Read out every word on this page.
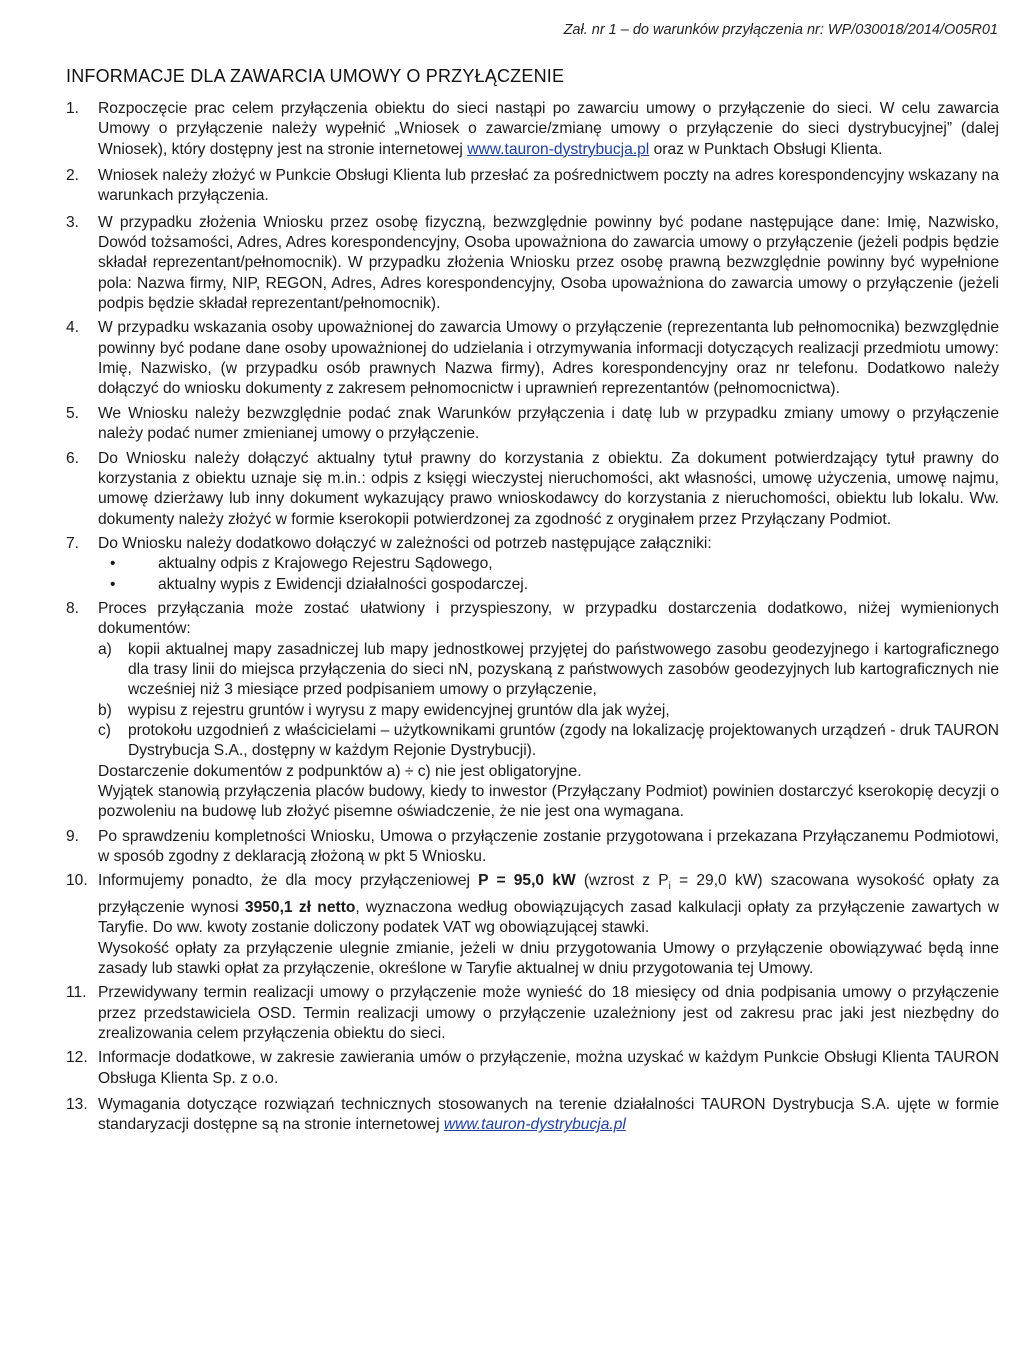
Zał. nr 1 – do warunków przyłączenia nr: WP/030018/2014/O05R01
INFORMACJE DLA ZAWARCIA UMOWY O PRZYŁĄCZENIE
1. Rozpoczęcie prac celem przyłączenia obiektu do sieci nastąpi po zawarciu umowy o przyłączenie do sieci. W celu zawarcia Umowy o przyłączenie należy wypełnić „Wniosek o zawarcie/zmianę umowy o przyłączenie do sieci dystrybucyjnej” (dalej Wniosek), który dostępny jest na stronie internetowej www.tauron-dystrybucja.pl oraz w Punktach Obsługi Klienta.

2. Wniosek należy złożyć w Punkcie Obsługi Klienta lub przesłać za pośrednictwem poczty na adres korespondencyjny wskazany na warunkach przyłączenia.

3. W przypadku złożenia Wniosku przez osobę fizyczną, bezwzględnie powinny być podane następujące dane: Imię, Nazwisko, Dowód tożsamości, Adres, Adres korespondencyjny, Osoba upoważniona do zawarcia umowy o przyłączenie (jeżeli podpis będzie składał reprezentant/pełnomocnik). W przypadku złożenia Wniosku przez osobę prawną bezwzględnie powinny być wypełnione pola: Nazwa firmy, NIP, REGON, Adres, Adres korespondencyjny, Osoba upoważniona do zawarcia umowy o przyłączenie (jeżeli podpis będzie składał reprezentant/pełnomocnik).

4. W przypadku wskazania osoby upoważnionej do zawarcia Umowy o przyłączenie (reprezentanta lub pełnomocnika) bezwzględnie powinny być podane dane osoby upoważnionej do udzielania i otrzymywania informacji dotyczących realizacji przedmiotu umowy: Imię, Nazwisko, (w przypadku osób prawnych Nazwa firmy), Adres korespondencyjny oraz nr telefonu. Dodatkowo należy dołączyć do wniosku dokumenty z zakresem pełnomocnictw i uprawnień reprezentantów (pełnomocnictwa).

5. We Wniosku należy bezwzględnie podać znak Warunków przyłączenia i datę lub w przypadku zmiany umowy o przyłączenie należy podać numer zmienianej umowy o przyłączenie.

6. Do Wniosku należy dołączyć aktualny tytuł prawny do korzystania z obiektu. Za dokument potwierdzający tytuł prawny do korzystania z obiektu uznaje się m.in.: odpis z księgi wieczystej nieruchomości, akt własności, umowę użyczenia, umowę najmu, umowę dzierżawy lub inny dokument wykazujący prawo wnioskodawcy do korzystania z nieruchomości, obiektu lub lokalu. Ww. dokumenty należy złożyć w formie kserokopii potwierdzonej za zgodność z oryginałem przez Przyłączany Podmiot.

7. Do Wniosku należy dodatkowo dołączyć w zależności od potrzeb następujące załączniki:

•	aktualny odpis z Krajowego Rejestru Sądowego,
•	aktualny wypis z Ewidencji działalności gospodarczej.
8. Proces przyłączania może zostać ułatwiony i przyspieszony, w przypadku dostarczenia dodatkowo, niżej wymienionych dokumentów:

a) kopii aktualnej mapy zasadniczej lub mapy jednostkowej przyjętej do państwowego zasobu geodezyjnego i kartograficznego dla trasy linii do miejsca przyłączenia do sieci nN, pozyskaną z państwowych zasobów geodezyjnych lub kartograficznych nie wcześniej niż 3 miesiące przed podpisaniem umowy o przyłączenie,
b) wypisu z rejestru gruntów i wyrysu z mapy ewidencyjnej gruntów dla jak wyżej,
c) protokołu uzgodnień z właścicielami – użytkownikami gruntów (zgody na lokalizację projektowanych urządzeń - druk TAURON Dystrybucja S.A., dostępny w każdym Rejonie Dystrybucji).

Dostarczenie dokumentów z podpunktów a) ÷ c) nie jest obligatoryjne.

Wyjątek stanowią przyłączenia placów budowy, kiedy to inwestor (Przyłączany Podmiot) powinien dostarczyć kserokopię decyzji o pozwoleniu na budowę lub złożyć pisemne oświadczenie, że nie jest ona wymagana.

9. Po sprawdzeniu kompletności Wniosku, Umowa o przyłączenie zostanie przygotowana i przekazana Przyłączanemu Podmiotowi, w sposób zgodny z deklaracją złożoną w pkt 5 Wniosku.

10. Informujemy ponadto, że dla mocy przyłączeniowej P = 95,0 kW (wzrost z $P_i = 29,0$ kW) szacowana wysokość opłaty za przyłączenie wynosi 3950,1 zł netto, wyznaczona według obowiązujących zasad kalkulacji opłaty za przyłączenie zawartych w Taryfie. Do ww. kwoty zostanie doliczony podatek VAT wg obowiązującej stawki.

Wysokość opłaty za przyłączenie ulegnie zmianie, jeżeli w dniu przygotowania Umowy o przyłączenie obowiązywać będą inne zasady lub stawki opłat za przyłączenie, określone w Taryfie aktualnej w dniu przygotowania tej Umowy.

11. Przewidywany termin realizacji umowy o przyłączenie może wynieść do 18 miesięcy od dnia podpisania umowy o przyłączenie przez przedstawiciela OSD. Termin realizacji umowy o przyłączenie uzależniony jest od zakresu prac jaki jest niezbędny do zrealizowania celem przyłączenia obiektu do sieci.

12. Informacje dodatkowe, w zakresie zawierania umów o przyłączenie, można uzyskać w każdym Punkcie Obsługi Klienta TAURON Obsługa Klienta Sp. z o.o.

13. Wymagania dotyczące rozwiązań technicznych stosowanych na terenie działalności TAURON Dystrybucja S.A. ujęte w formie standaryzacji dostępne są na stronie internetowej www.tauron-dystrybucja.pl
